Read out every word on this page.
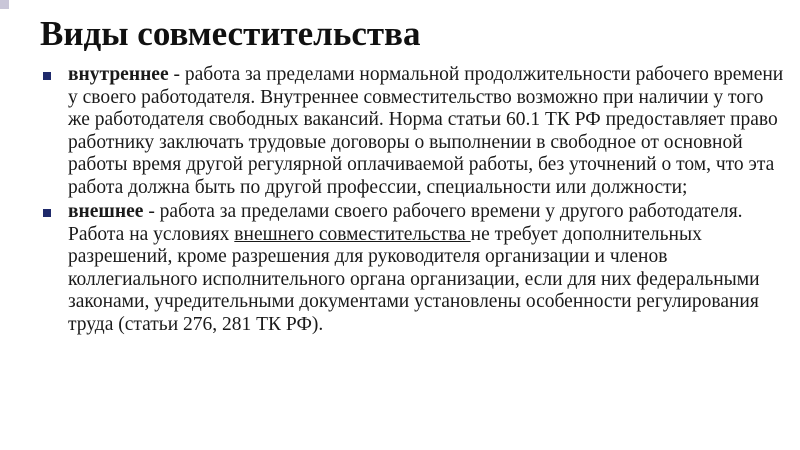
Виды совместительства
внутреннее - работа за пределами нормальной продолжительности рабочего времени у своего работодателя. Внутреннее совместительство возможно при наличии у того же работодателя свободных вакансий. Норма статьи 60.1 ТК РФ предоставляет право работнику заключать трудовые договоры о выполнении в свободное от основной работы время другой регулярной оплачиваемой работы, без уточнений о том, что эта работа должна быть по другой профессии, специальности или должности;
внешнее - работа за пределами своего рабочего времени у другого работодателя. Работа на условиях внешнего совместительства не требует дополнительных разрешений, кроме разрешения для руководителя организации и членов коллегиального исполнительного органа организации, если для них федеральными законами, учредительными документами установлены особенности регулирования труда (статьи 276, 281 ТК РФ).
